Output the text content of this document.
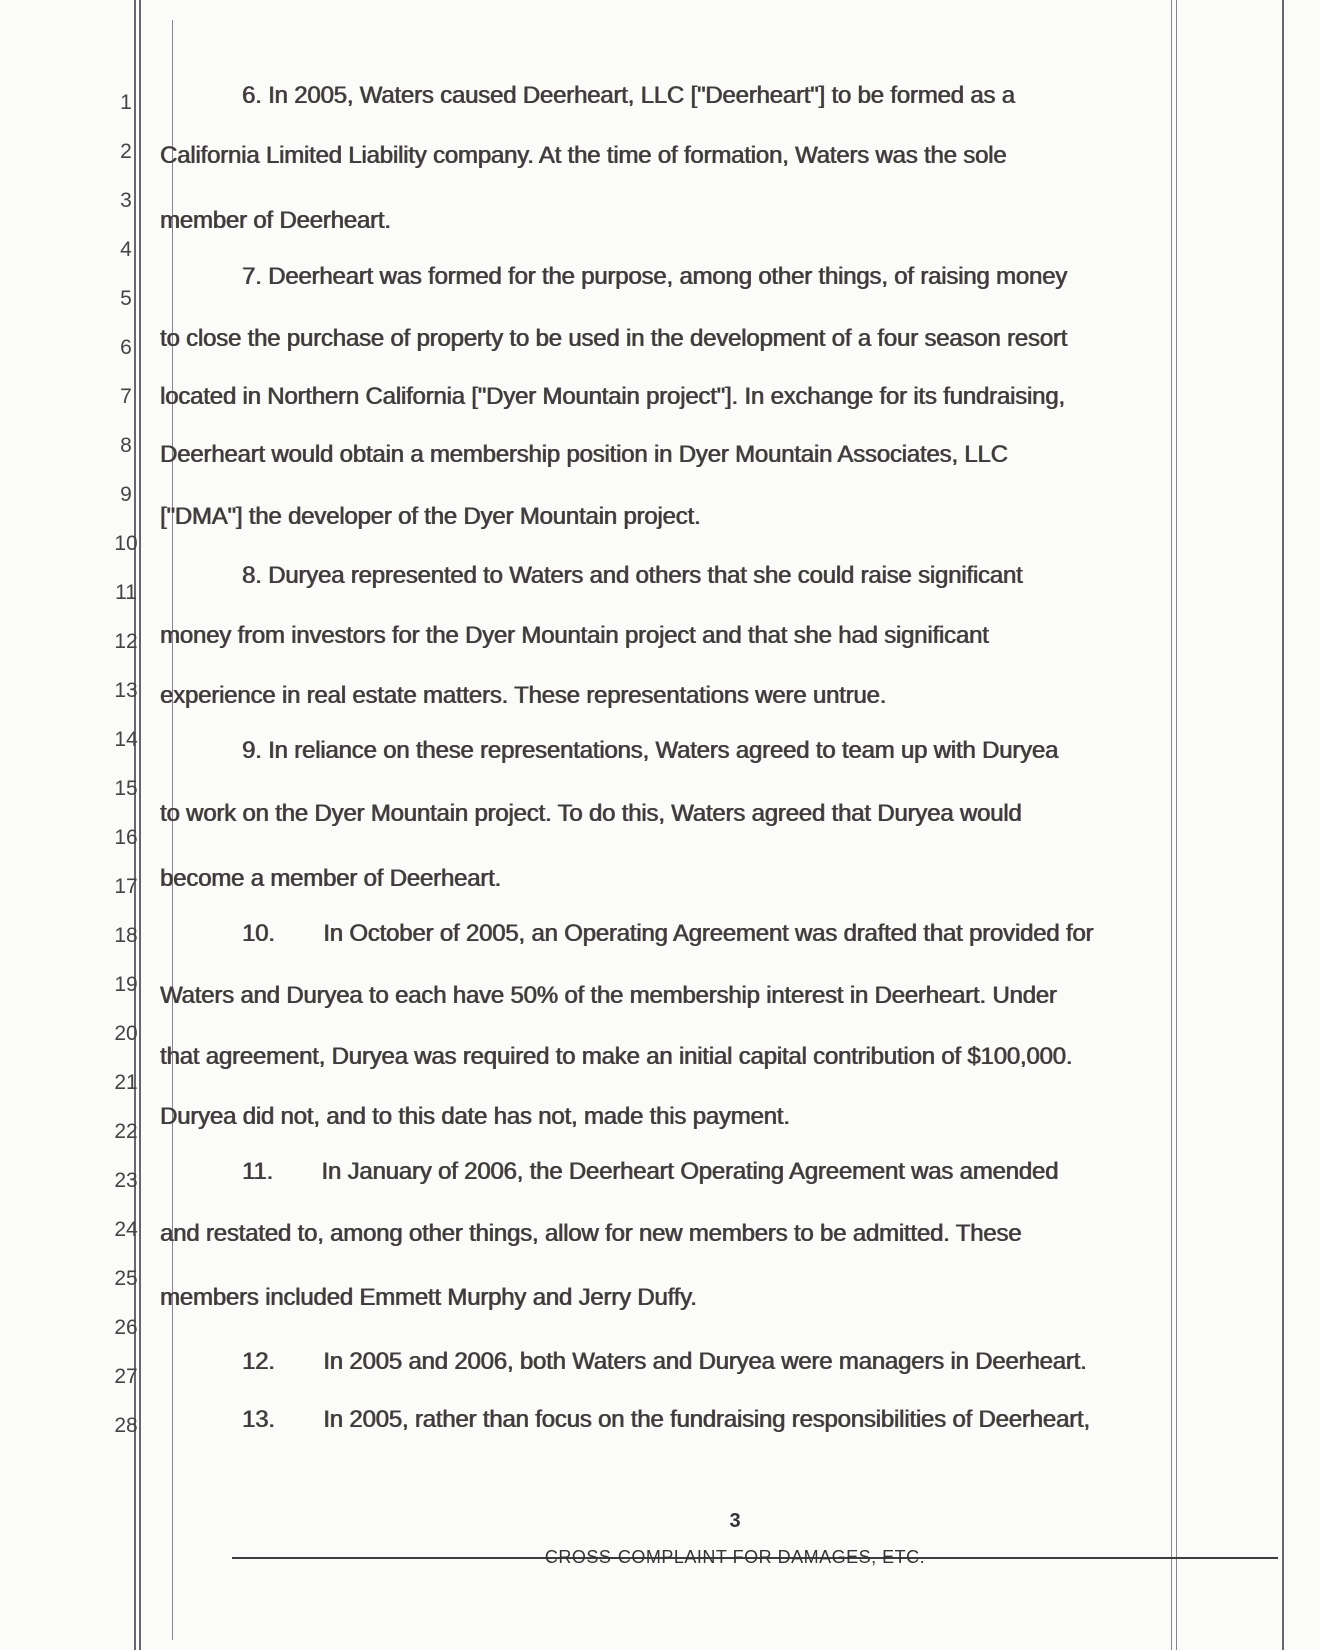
1
2
3
4
5
6
7
8
9
10
11
12
13
14
15
16
17
18
19
20
21
22
23
24
25
26
27
28
6. In 2005, Waters caused Deerheart, LLC ["Deerheart"] to be formed as a
California Limited Liability company. At the time of formation, Waters was the sole
member of Deerheart.
7. Deerheart was formed for the purpose, among other things, of raising money
to close the purchase of property to be used in the development of a four season resort
located in Northern California ["Dyer Mountain project"]. In exchange for its fundraising,
Deerheart would obtain a membership position in Dyer Mountain Associates, LLC
["DMA"] the developer of the Dyer Mountain project.
8. Duryea represented to Waters and others that she could raise significant
money from investors for the Dyer Mountain project and that she had significant
experience in real estate matters. These representations were untrue.
9. In reliance on these representations, Waters agreed to team up with Duryea
to work on the Dyer Mountain project. To do this, Waters agreed that Duryea would
become a member of Deerheart.
10. In October of 2005, an Operating Agreement was drafted that provided for
Waters and Duryea to each have 50% of the membership interest in Deerheart. Under
that agreement, Duryea was required to make an initial capital contribution of $100,000.
Duryea did not, and to this date has not, made this payment.
11. In January of 2006, the Deerheart Operating Agreement was amended
and restated to, among other things, allow for new members to be admitted. These
members included Emmett Murphy and Jerry Duffy.
12. In 2005 and 2006, both Waters and Duryea were managers in Deerheart.
13. In 2005, rather than focus on the fundraising responsibilities of Deerheart,
3
CROSS-COMPLAINT FOR DAMAGES, ETC.
